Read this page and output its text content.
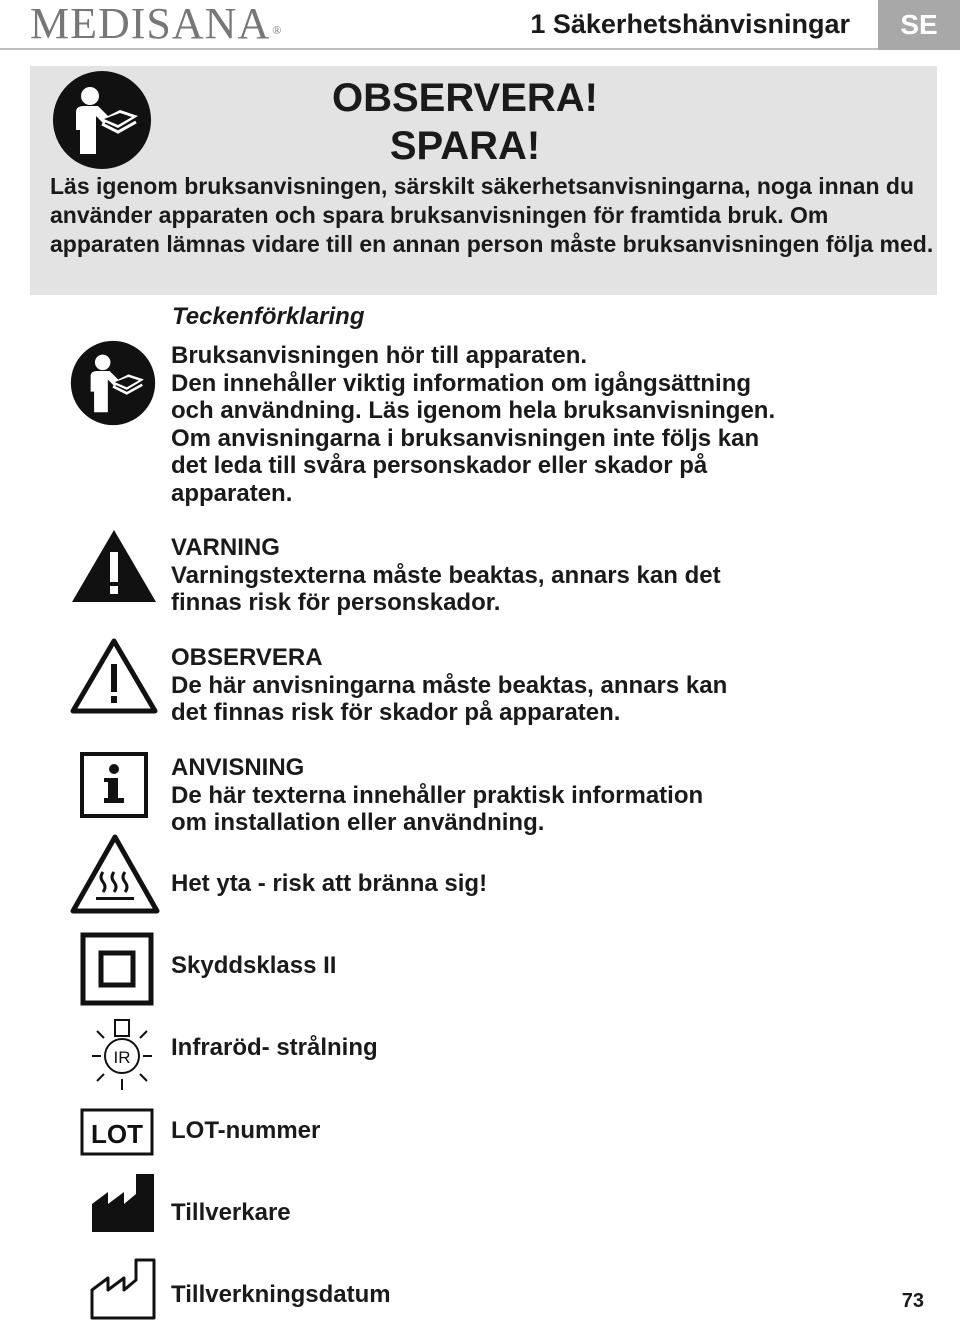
MEDISANA ®	1 Säkerhetshänvisningar	SE
OBSERVERA!
SPARA!
Läs igenom bruksanvisningen, särskilt säkerhetsanvisningarna, noga innan du använder apparaten och spara bruksanvisningen för framtida bruk. Om apparaten lämnas vidare till en annan person måste bruksanvisningen följa med.
Teckenförklaring
Bruksanvisningen hör till apparaten.
Den innehåller viktig information om igångsättning
och användning. Läs igenom hela bruksanvisningen.
Om anvisningarna i bruksanvisningen inte följs kan
det leda till svåra personskador eller skador på
apparaten.
VARNING
Varningstexterna måste beaktas, annars kan det
finnas risk för personskador.
OBSERVERA
De här anvisningarna måste beaktas, annars kan
det finnas risk för skador på apparaten.
ANVISNING
De här texterna innehåller praktisk information
om installation eller användning.
Het yta - risk att bränna sig!
Skyddsklass II
IR Infraröd- strålning
LOT LOT-nummer
Tillverkare
Tillverkningsdatum	73
